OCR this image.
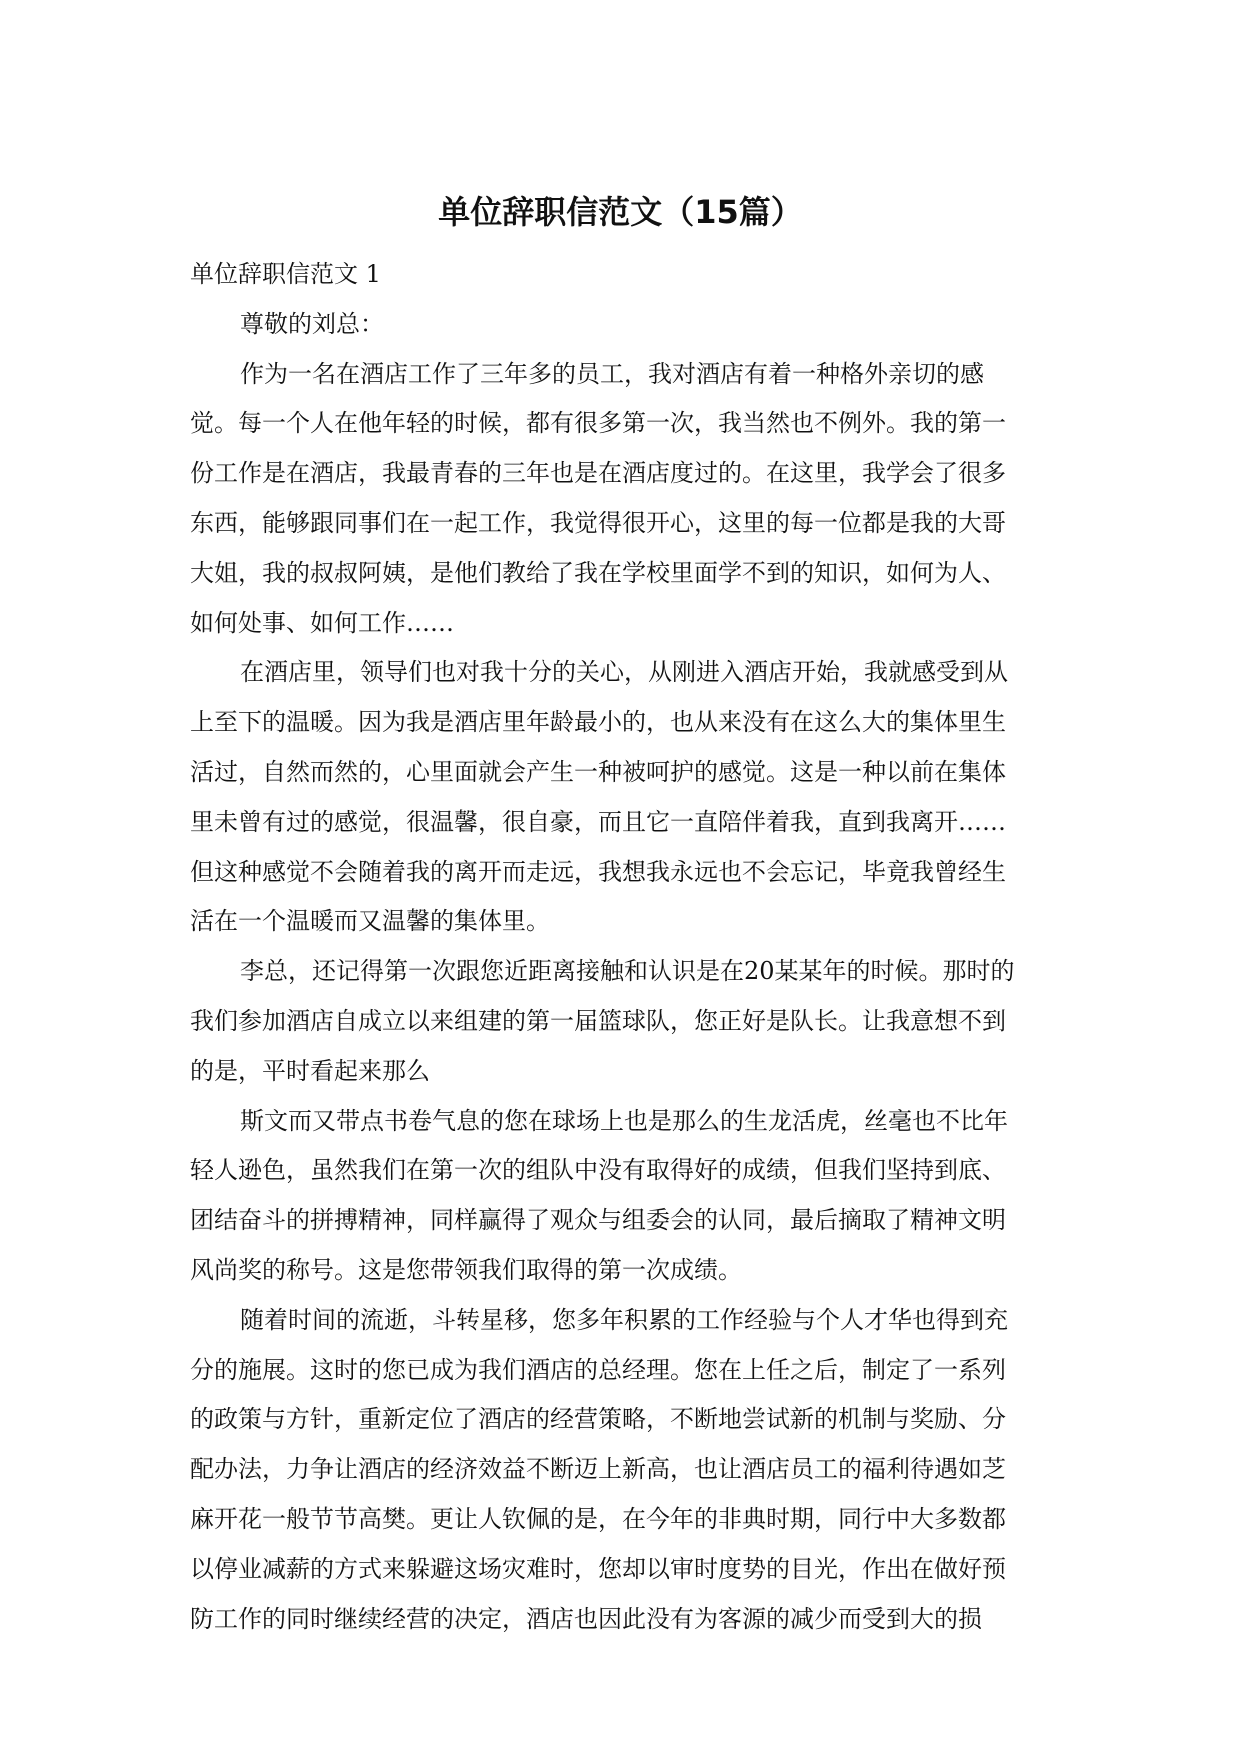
单位辞职信范文（15篇）
单位辞职信范文 1
尊敬的刘总：
作为一名在酒店工作了三年多的员工，我对酒店有着一种格外亲切的感
觉。每一个人在他年轻的时候，都有很多第一次，我当然也不例外。我的第一
份工作是在酒店，我最青春的三年也是在酒店度过的。在这里，我学会了很多
东西，能够跟同事们在一起工作，我觉得很开心，这里的每一位都是我的大哥
大姐，我的叔叔阿姨，是他们教给了我在学校里面学不到的知识，如何为人、
如何处事、如何工作……
在酒店里，领导们也对我十分的关心，从刚进入酒店开始，我就感受到从
上至下的温暖。因为我是酒店里年龄最小的，也从来没有在这么大的集体里生
活过，自然而然的，心里面就会产生一种被呵护的感觉。这是一种以前在集体
里未曾有过的感觉，很温馨，很自豪，而且它一直陪伴着我，直到我离开……
但这种感觉不会随着我的离开而走远，我想我永远也不会忘记，毕竟我曾经生
活在一个温暖而又温馨的集体里。
李总，还记得第一次跟您近距离接触和认识是在20某某年的时候。那时的
我们参加酒店自成立以来组建的第一届篮球队，您正好是队长。让我意想不到
的是，平时看起来那么
斯文而又带点书卷气息的您在球场上也是那么的生龙活虎，丝毫也不比年
轻人逊色，虽然我们在第一次的组队中没有取得好的成绩，但我们坚持到底、
团结奋斗的拼搏精神，同样赢得了观众与组委会的认同，最后摘取了精神文明
风尚奖的称号。这是您带领我们取得的第一次成绩。
随着时间的流逝，斗转星移，您多年积累的工作经验与个人才华也得到充
分的施展。这时的您已成为我们酒店的总经理。您在上任之后，制定了一系列
的政策与方针，重新定位了酒店的经营策略，不断地尝试新的机制与奖励、分
配办法，力争让酒店的经济效益不断迈上新高，也让酒店员工的福利待遇如芝
麻开花一般节节高樊。更让人钦佩的是，在今年的非典时期，同行中大多数都
以停业减薪的方式来躲避这场灾难时，您却以审时度势的目光，作出在做好预
防工作的同时继续经营的决定，酒店也因此没有为客源的减少而受到大的损
